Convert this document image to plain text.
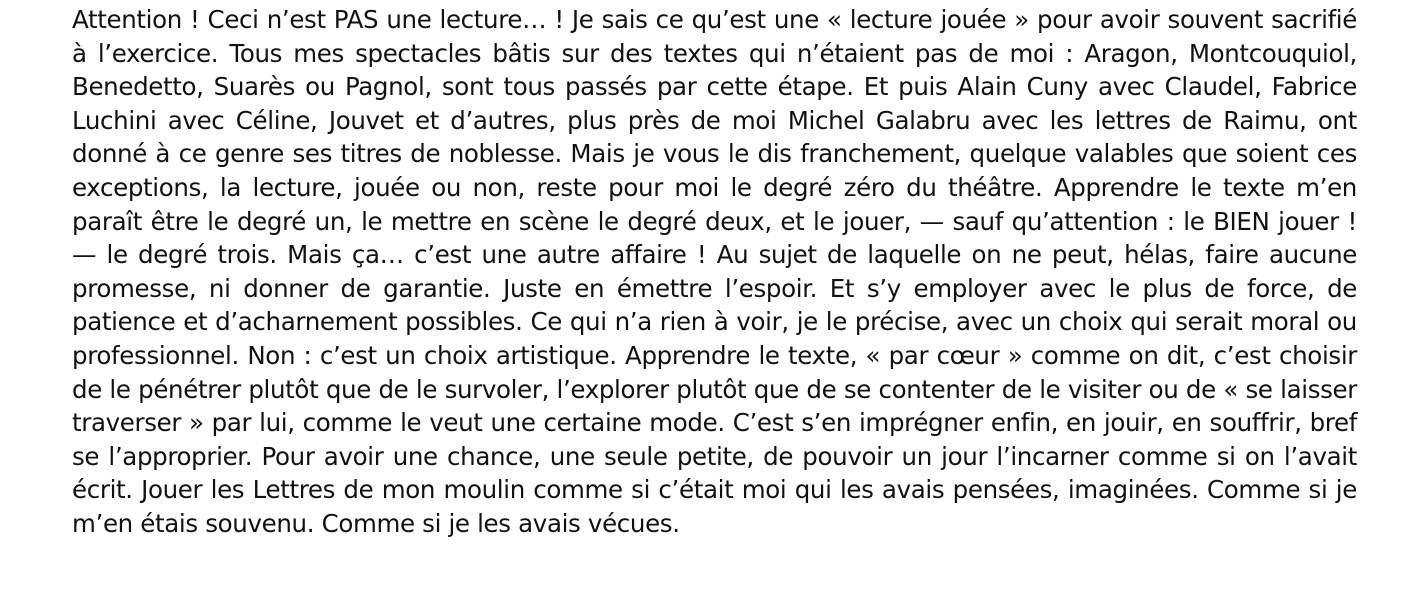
Attention ! Ceci n’est PAS une lecture… ! Je sais ce qu’est une « lecture jouée » pour avoir souvent sacrifié à l’exercice. Tous mes spectacles bâtis sur des textes qui n’étaient pas de moi : Aragon, Montcouquiol, Benedetto, Suarès ou Pagnol, sont tous passés par cette étape. Et puis Alain Cuny avec Claudel, Fabrice Luchini avec Céline, Jouvet et d’autres, plus près de moi Michel Galabru avec les lettres de Raimu, ont donné à ce genre ses titres de noblesse. Mais je vous le dis franchement, quelque valables que soient ces exceptions, la lecture, jouée ou non, reste pour moi le degré zéro du théâtre. Apprendre le texte m’en paraît être le degré un, le mettre en scène le degré deux, et le jouer, — sauf qu’attention : le BIEN jouer ! — le degré trois. Mais ça… c’est une autre affaire ! Au sujet de laquelle on ne peut, hélas, faire aucune promesse, ni donner de garantie. Juste en émettre l’espoir. Et s’y employer avec le plus de force, de patience et d’acharnement possibles. Ce qui n’a rien à voir, je le précise, avec un choix qui serait moral ou professionnel. Non : c’est un choix artistique. Apprendre le texte, « par cœur » comme on dit, c’est choisir de le pénétrer plutôt que de le survoler, l’explorer plutôt que de se contenter de le visiter ou de « se laisser traverser » par lui, comme le veut une certaine mode. C’est s’en imprégner enfin, en jouir, en souffrir, bref se l’approprier. Pour avoir une chance, une seule petite, de pouvoir un jour l’incarner comme si on l’avait écrit. Jouer les Lettres de mon moulin comme si c’était moi qui les avais pensées, imaginées. Comme si je m’en étais souvenu. Comme si je les avais vécues.
